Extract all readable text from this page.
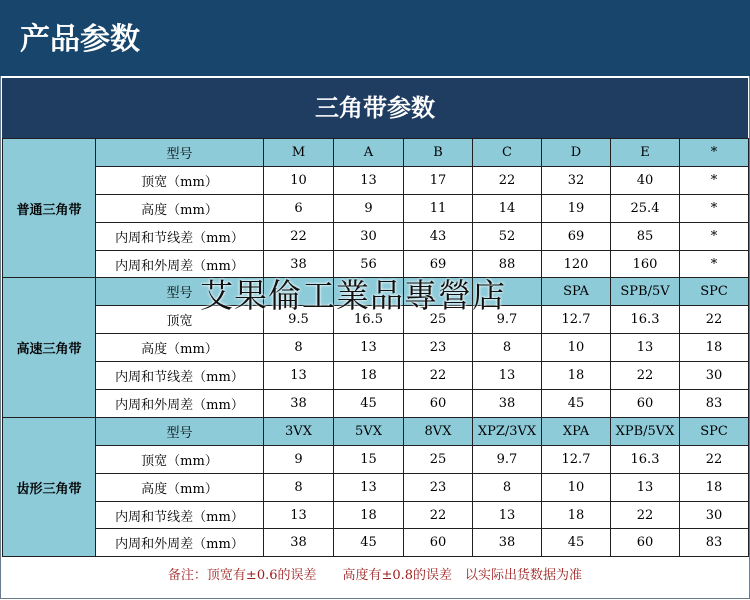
产品参数
三角带参数
普通三角带	型号	M	A	B	C	D	E	*
	顶宽（mm）	10	13	17	22	32	40	*
	高度（mm）	6	9	11	14	19	25.4	*
	内周和节线差（mm）	22	30	43	52	69	85	*
	内周和外周差（mm）	38	56	69	88	120	160	*
高速三角带	型号					SPA	SPB/5V	SPC
	顶宽	9.5	16.5	25	9.7	12.7	16.3	22
	高度（mm）	8	13	23	8	10	13	18
	内周和节线差（mm）	13	18	22	13	18	22	30
	内周和外周差（mm）	38	45	60	38	45	60	83
齿形三角带	型号	3VX	5VX	8VX	XPZ/3VX	XPA	XPB/5VX	SPC
	顶宽（mm）	9	15	25	9.7	12.7	16.3	22
	高度（mm）	8	13	23	8	10	13	18
	内周和节线差（mm）	13	18	22	13	18	22	30
	内周和外周差（mm）	38	45	60	38	45	60	83
艾果倫工業品專營店
备注：顶宽有±0.6的误差　　高度有±0.8的误差　以实际出货数据为准
